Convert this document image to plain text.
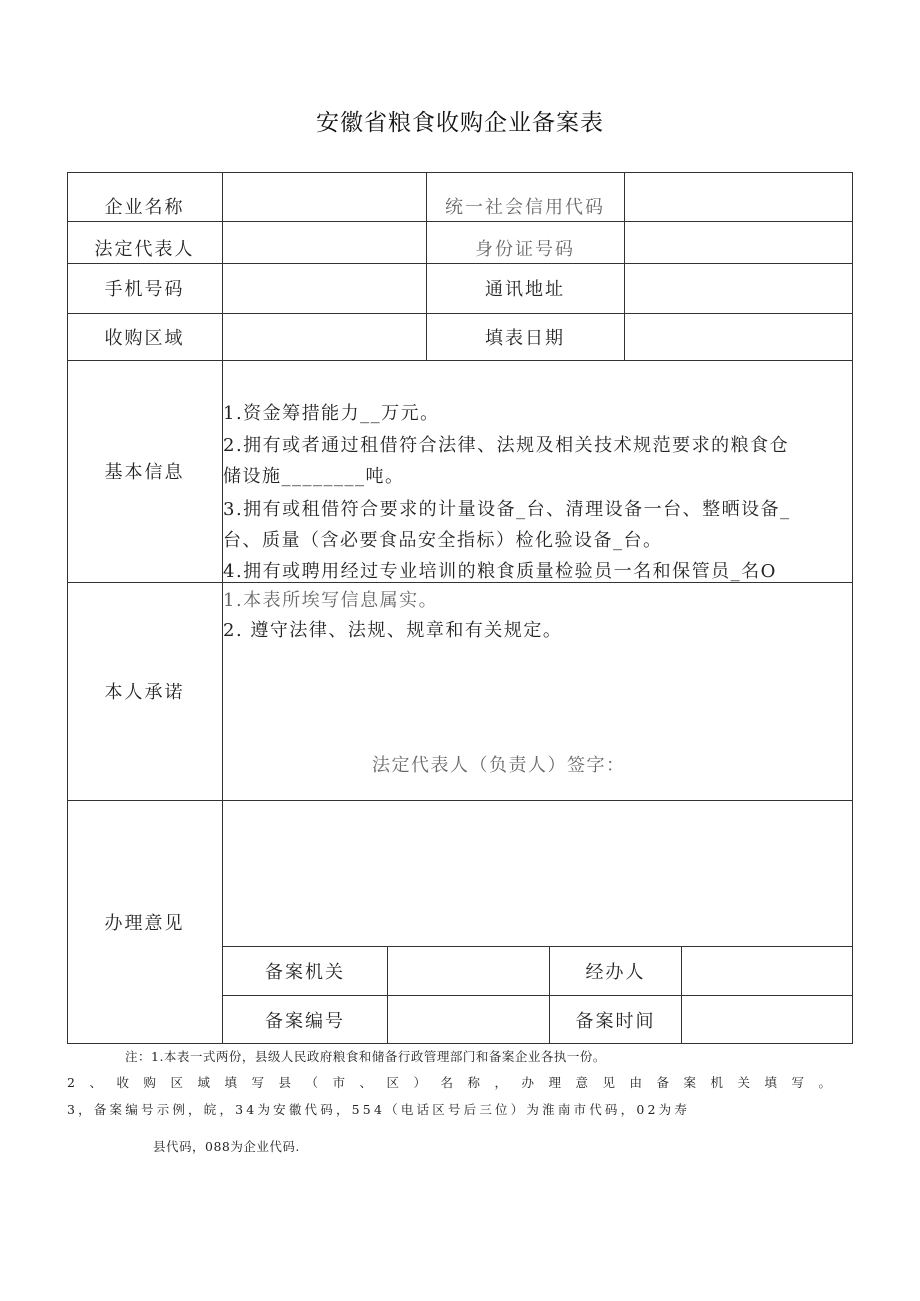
安徽省粮食收购企业备案表
企业名称	统一社会信用代码
法定代表人	身份证号码
手机号码	通讯地址
收购区域	填表日期
基本信息
1.资金筹措能力__万元。
2.拥有或者通过租借符合法律、法规及相关技术规范要求的粮食仓
储设施________吨。
3.拥有或租借符合要求的计量设备_台、清理设备一台、整晒设备_
台、质量（含必要食品安全指标）检化验设备_台。
4.拥有或聘用经过专业培训的粮食质量检验员一名和保管员_名O
本人承诺
1.本表所埃写信息属实。
2. 遵守法律、法规、规章和有关规定。
法定代表人（负责人）签字：
办理意见
备案机关	经办人
备案编号	备案时间
注：1.本表一式两份，县级人民政府粮食和储备行政管理部门和备案企业各执一份。
2、收购区域填写县（市、区）名称，办理意见由备案机关填写。
3，备案编号示例，皖，34为安徽代码，554（电话区号后三位）为淮南市代码，02为寿
县代码，088为企业代码.
